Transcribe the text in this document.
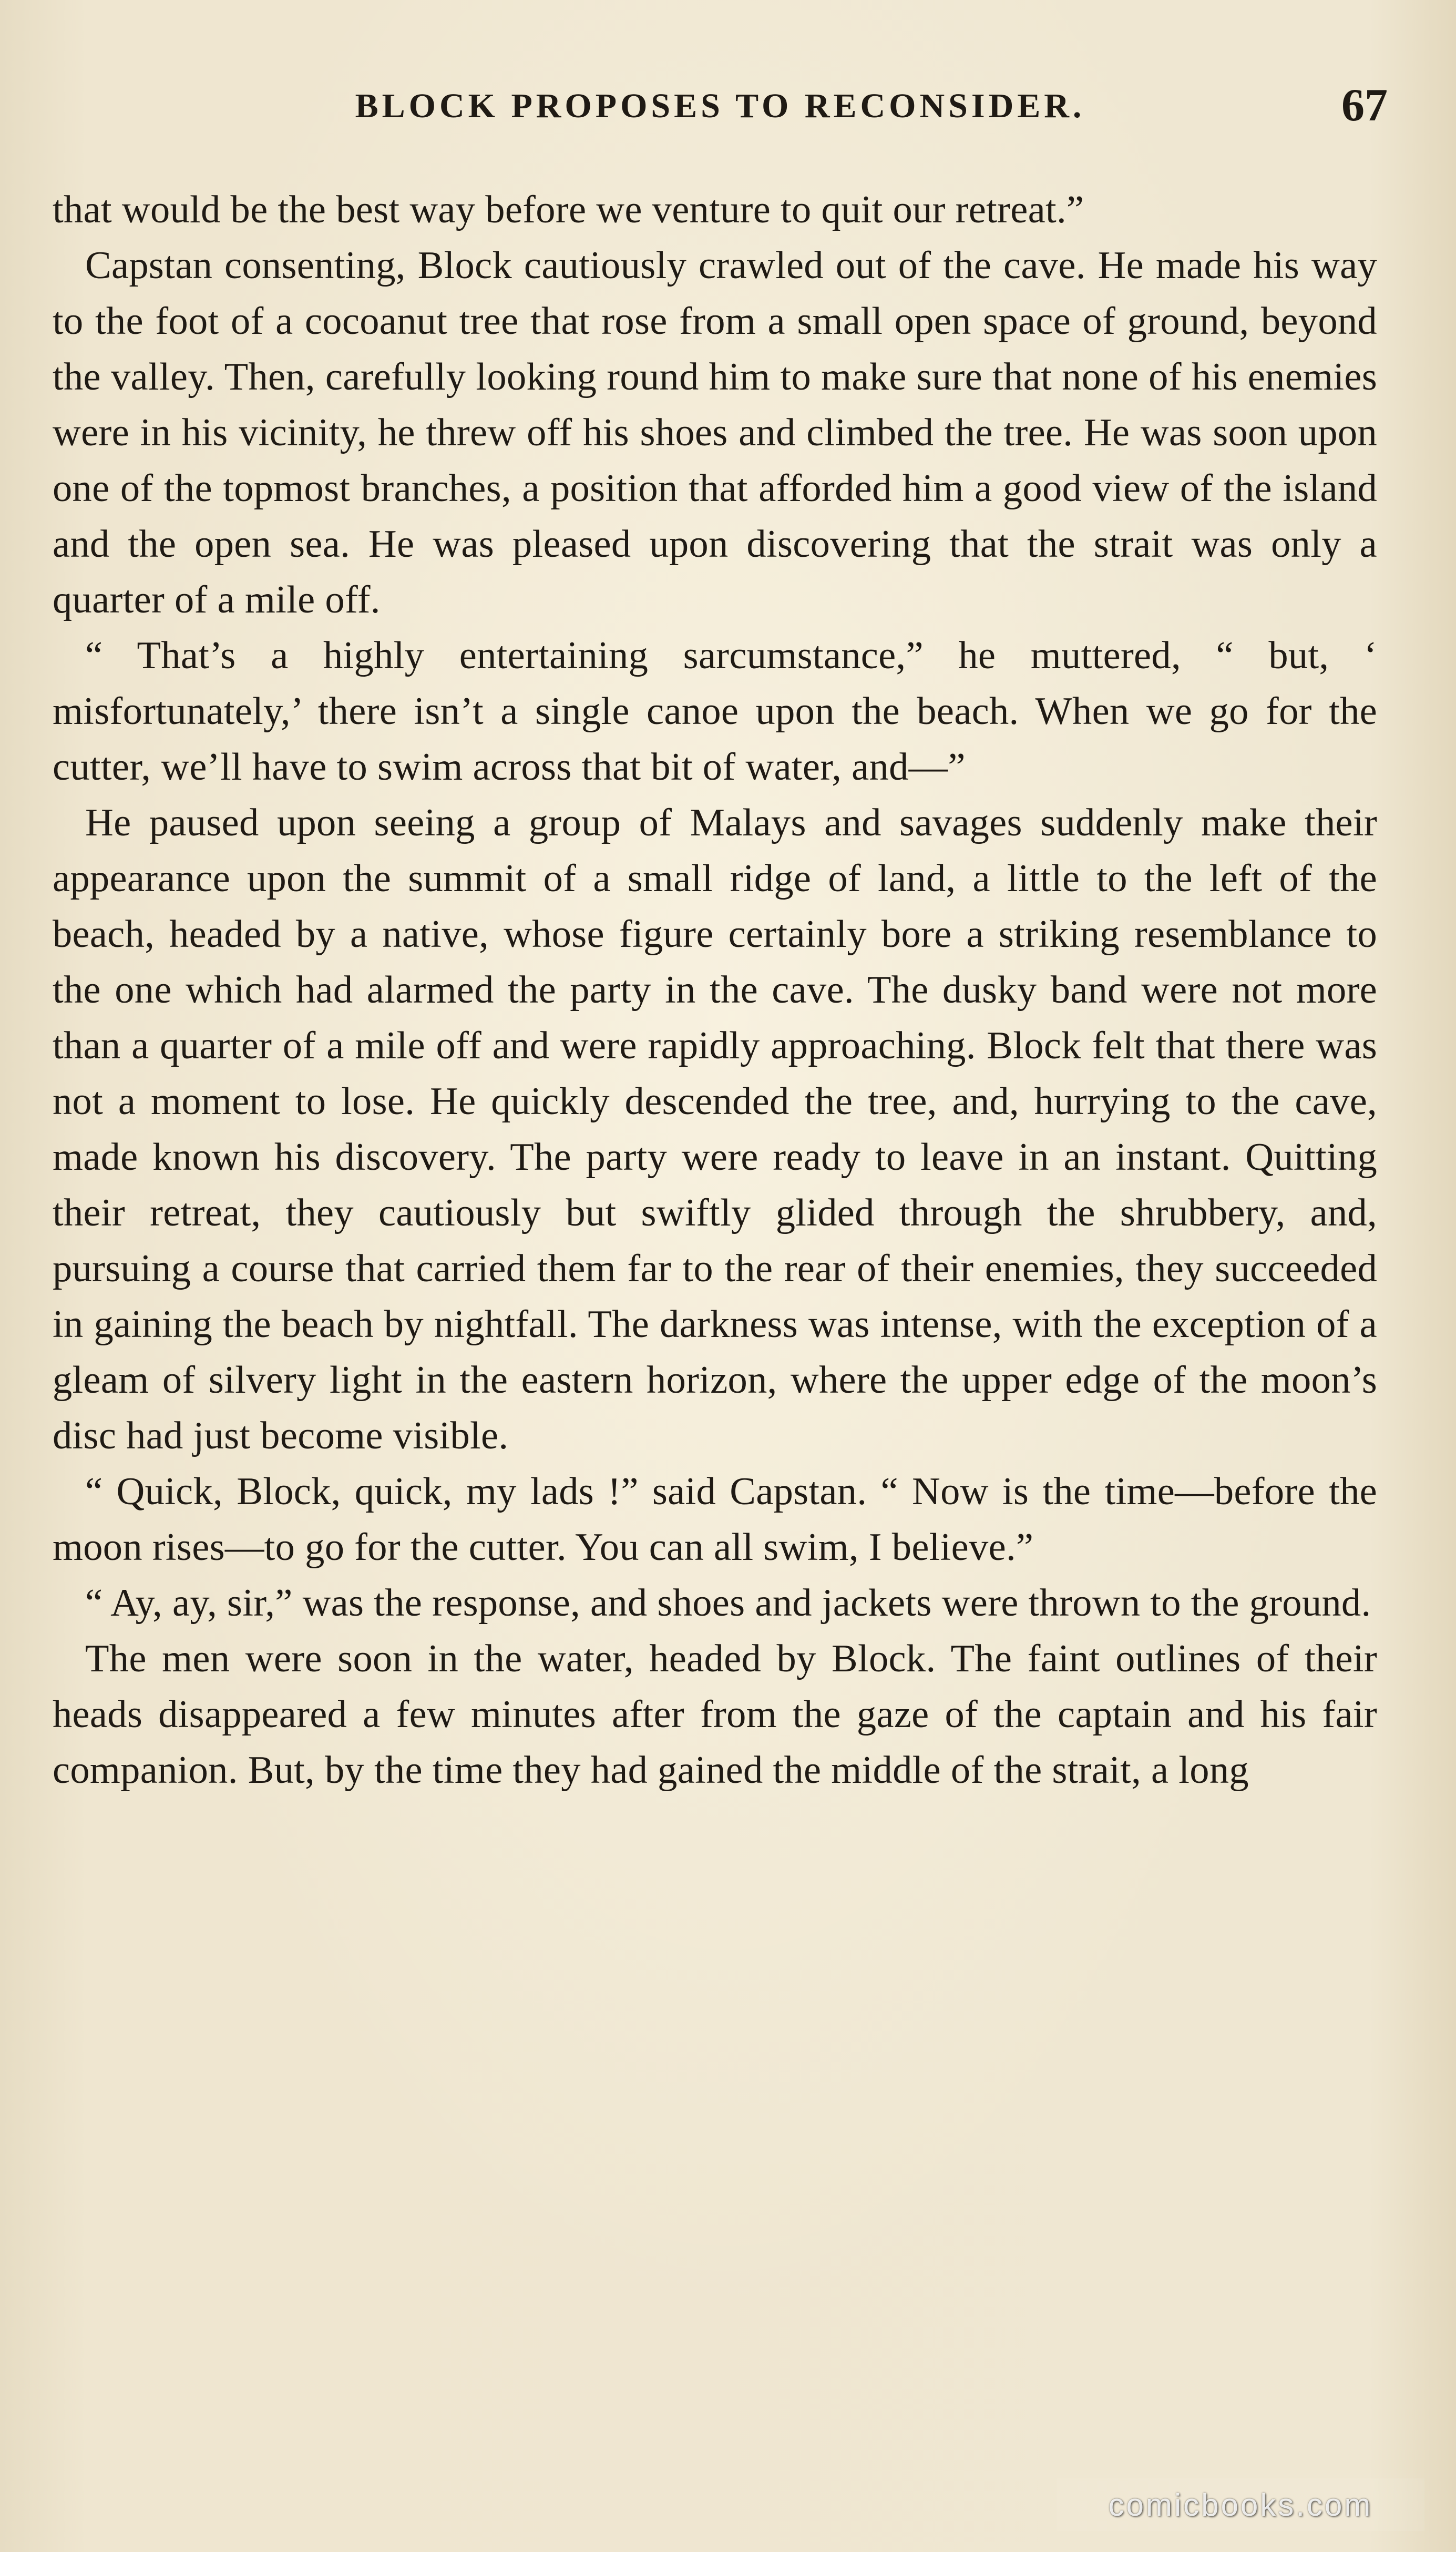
BLOCK PROPOSES TO RECONSIDER.	67

that would be the best way before we venture to quit our retreat.”

Capstan consenting, Block cautiously crawled out of the cave. He made his way to the foot of a cocoanut tree that rose from a small open space of ground, beyond the valley. Then, carefully looking round him to make sure that none of his enemies were in his vicinity, he threw off his shoes and climbed the tree. He was soon upon one of the topmost branches, a position that afforded him a good view of the island and the open sea. He was pleased upon discovering that the strait was only a quarter of a mile off.

“ That’s a highly entertaining sarcumstance,” he muttered, “ but, ‘ misfortunately,’ there isn’t a single canoe upon the beach. When we go for the cutter, we’ll have to swim across that bit of water, and—”

He paused upon seeing a group of Malays and savages suddenly make their appearance upon the summit of a small ridge of land, a little to the left of the beach, headed by a native, whose figure certainly bore a striking resemblance to the one which had alarmed the party in the cave. The dusky band were not more than a quarter of a mile off and were rapidly approaching. Block felt that there was not a moment to lose. He quickly descended the tree, and, hurrying to the cave, made known his discovery. The party were ready to leave in an instant. Quitting their retreat, they cautiously but swiftly glided through the shrubbery, and, pursuing a course that carried them far to the rear of their enemies, they succeeded in gaining the beach by nightfall. The darkness was intense, with the exception of a gleam of silvery light in the eastern horizon, where the upper edge of the moon’s disc had just become visible.

“ Quick, Block, quick, my lads !” said Capstan. “ Now is the time—before the moon rises—to go for the cutter. You can all swim, I believe.”

“ Ay, ay, sir,” was the response, and shoes and jackets were thrown to the ground.

The men were soon in the water, headed by Block. The faint outlines of their heads disappeared a few minutes after from the gaze of the captain and his fair companion. But, by the time they had gained the middle of the strait, a long

comicbooks.com
